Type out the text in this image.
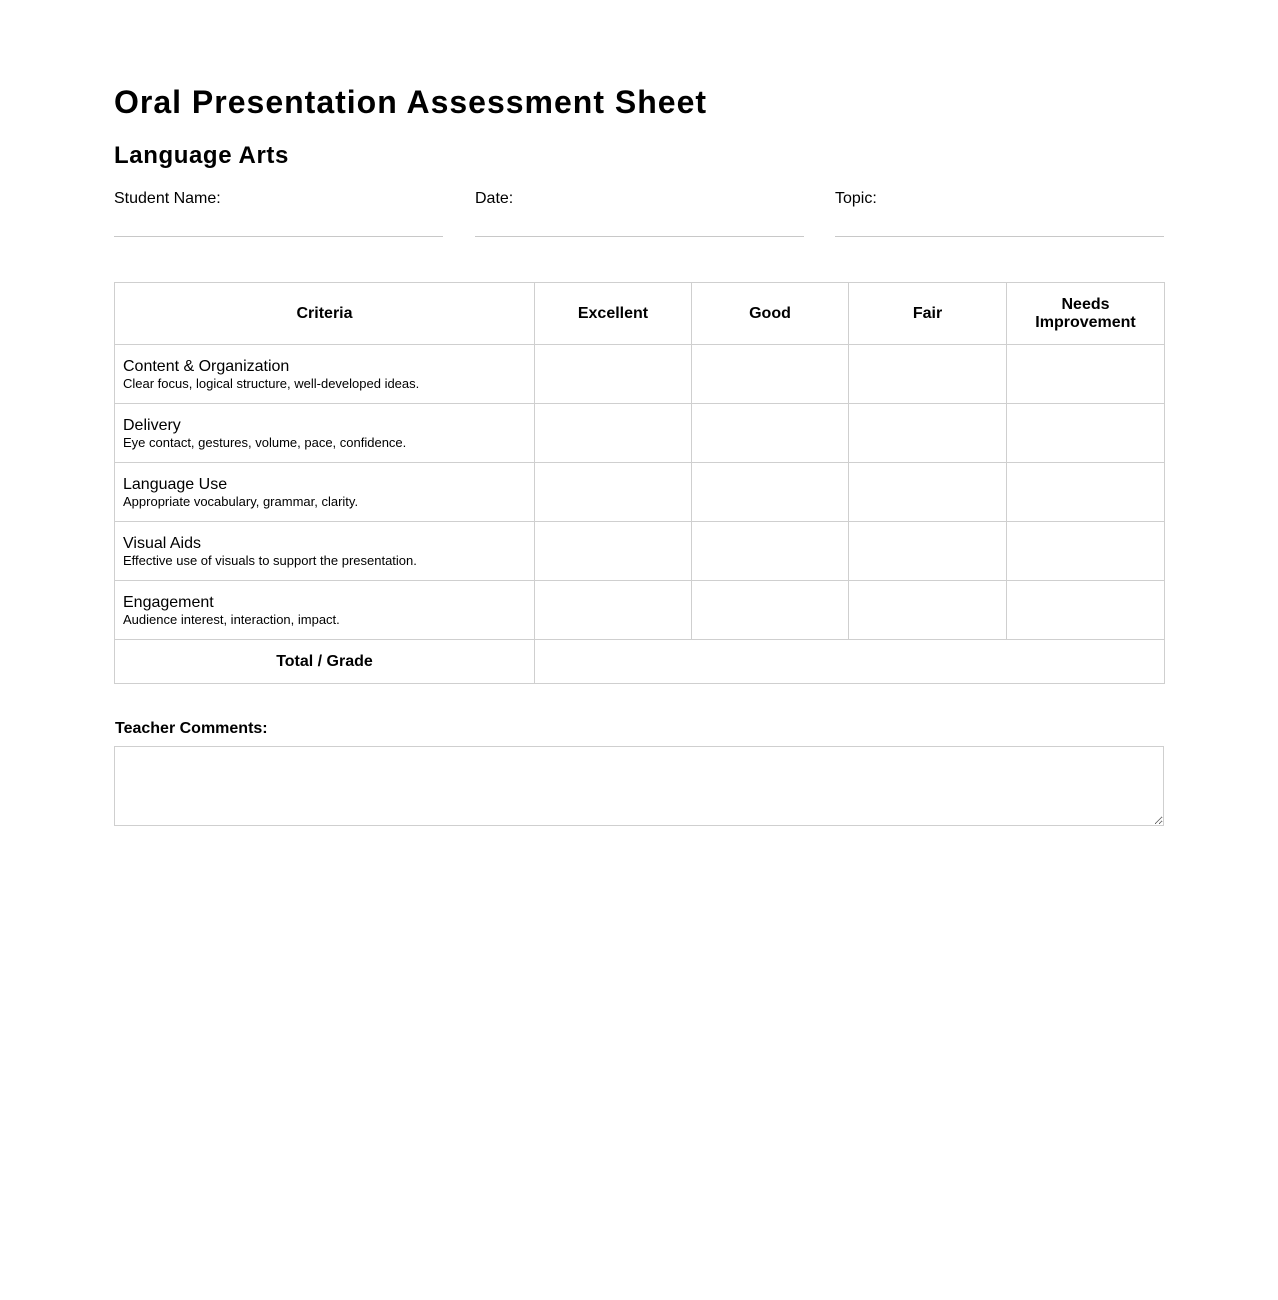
Oral Presentation Assessment Sheet
Language Arts
Student Name:	Date:	Topic:
Criteria	Excellent	Good	Fair	Needs Improvement

Content & Organization
Clear focus, logical structure, well-developed ideas.				

Delivery
Eye contact, gestures, volume, pace, confidence.				

Language Use
Appropriate vocabulary, grammar, clarity.				

Visual Aids
Effective use of visuals to support the presentation.				

Engagement
Audience interest, interaction, impact.				

Total / Grade				
Teacher Comments:
